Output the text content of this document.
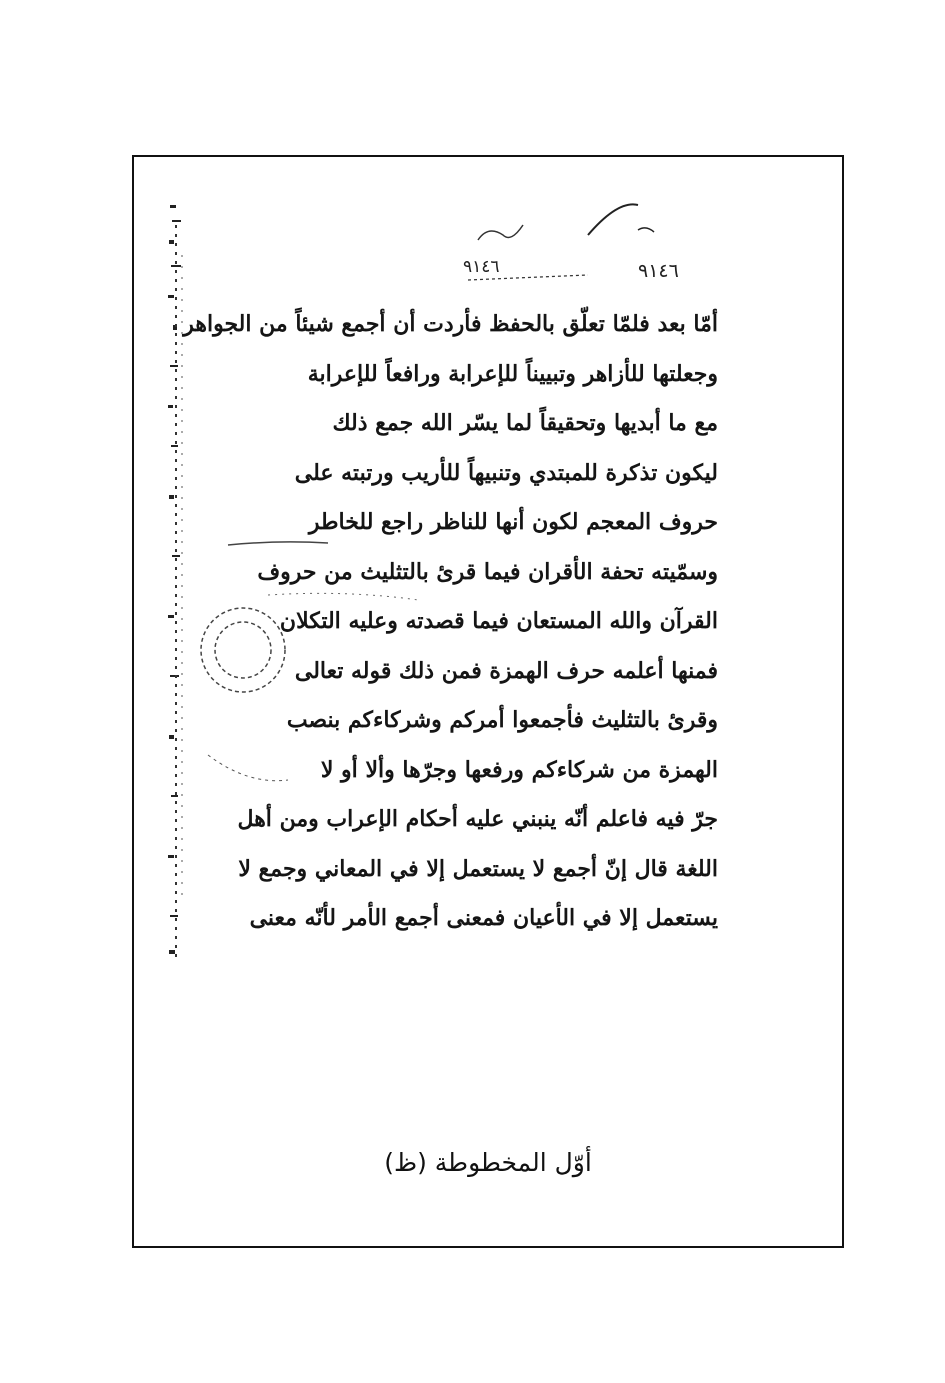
٩١٤٦	٩١٤٦
أمّا بعد فلمّا تعلّق بالحفظ فأردت أن أجمع شيئاً من الجواهر
وجعلتها للأزاهر وتبييناً للإعرابة ورافعاً للإعرابة
مع ما أبديها وتحقيقاً لما يسّر الله جمع ذلك
ليكون تذكرة للمبتدي وتنبيهاً للأريب ورتبته على
حروف المعجم لكون أنها للناظر راجع للخاطر
وسمّيته تحفة الأقران فيما قرئ بالتثليث من حروف
القرآن والله المستعان فيما قصدته وعليه التكلان
فمنها أعلمه حرف الهمزة فمن ذلك قوله تعالى
وقرئ بالتثليث فأجمعوا أمركم وشركاءكم بنصب
الهمزة من شركاءكم ورفعها وجرّها وألا أو لا
جرّ فيه فاعلم أنّه ينبني عليه أحكام الإعراب ومن أهل
اللغة قال إنّ أجمع لا يستعمل إلا في المعاني وجمع لا
يستعمل إلا في الأعيان فمعنى أجمع الأمر لأنّه معنى
أوّل المخطوطة (ظ)
